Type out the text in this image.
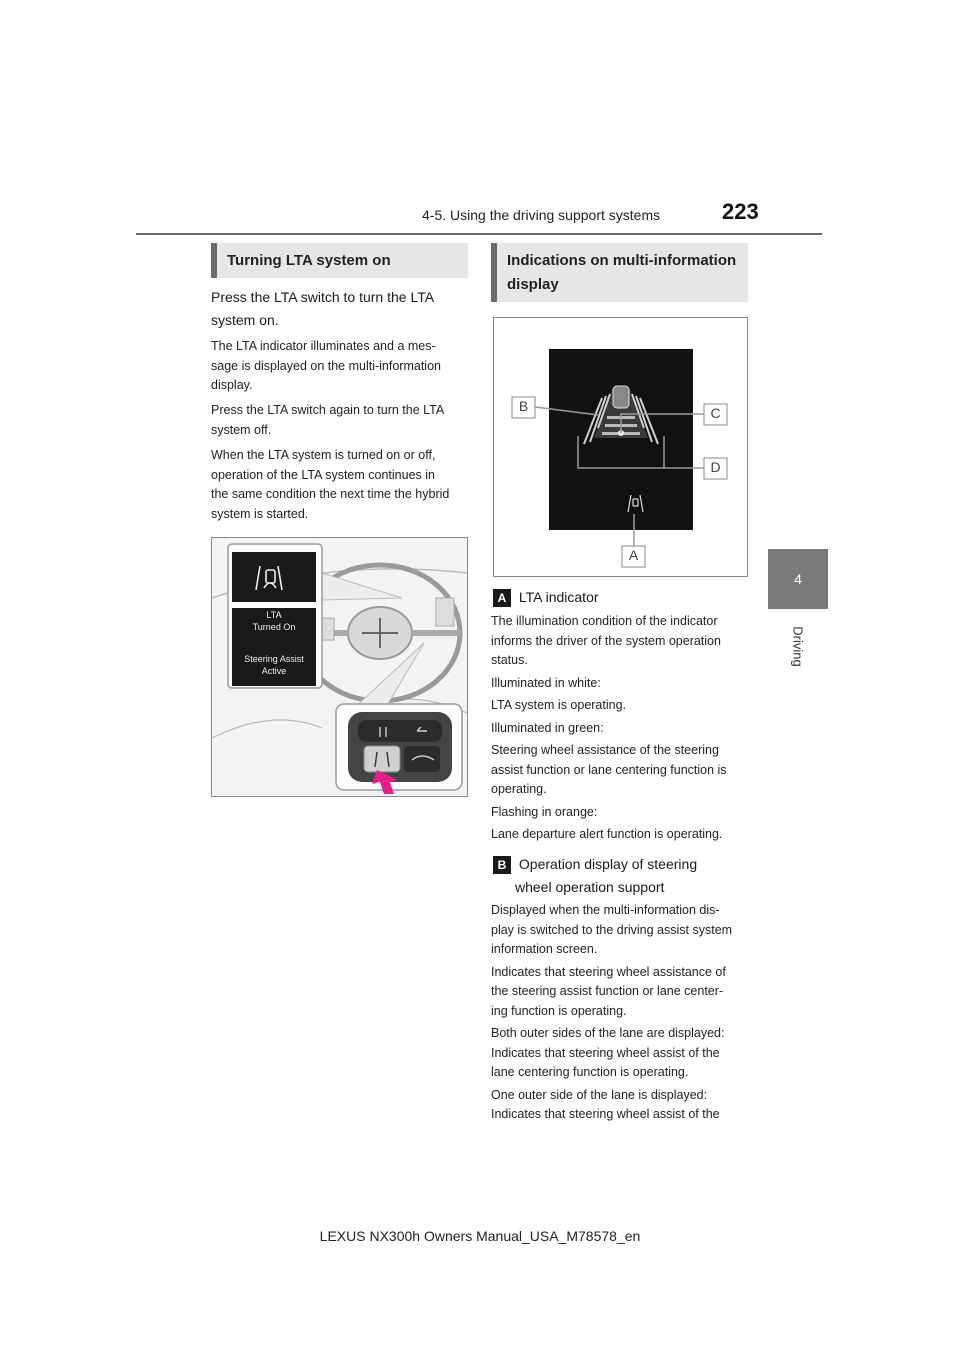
4-5. Using the driving support systems	223
4
Driving
Turning LTA system on
Press the LTA switch to turn the LTA
system on.
The LTA indicator illuminates and a mes-
sage is displayed on the multi-information
display.
Press the LTA switch again to turn the LTA
system off.
When the LTA system is turned on or off,
operation of the LTA system continues in
the same condition the next time the hybrid
system is started.
LTA
Turned On
Steering Assist
Active
Indications on multi-information
display
B	C
D
A
A LTA indicator
The illumination condition of the indicator
informs the driver of the system operation
status.
Illuminated in white:
LTA system is operating.
Illuminated in green:
Steering wheel assistance of the steering
assist function or lane centering function is
operating.
Flashing in orange:
Lane departure alert function is operating.
B Operation display of steering
wheel operation support
Displayed when the multi-information dis-
play is switched to the driving assist system
information screen.
Indicates that steering wheel assistance of
the steering assist function or lane center-
ing function is operating.
Both outer sides of the lane are displayed:
Indicates that steering wheel assist of the
lane centering function is operating.
One outer side of the lane is displayed:
Indicates that steering wheel assist of the
LEXUS NX300h Owners Manual_USA_M78578_en
